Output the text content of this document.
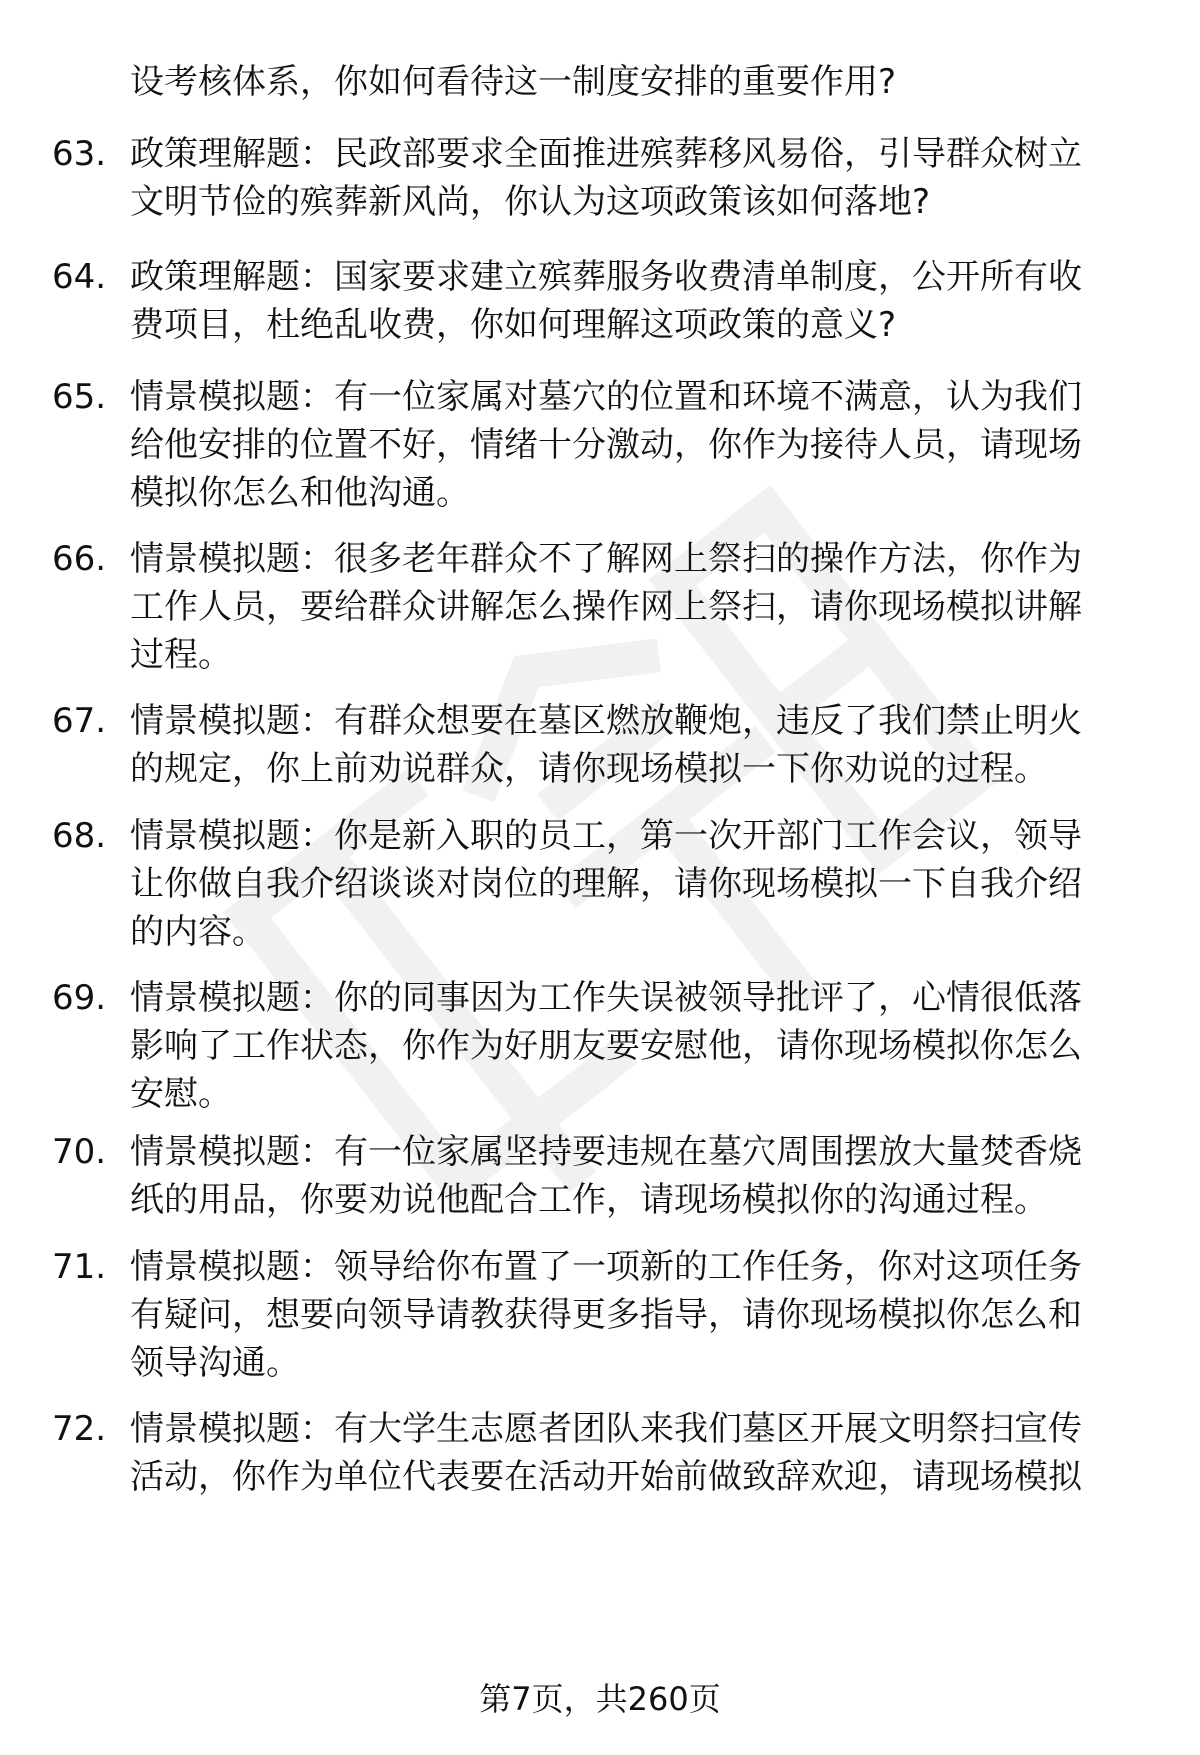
设考核体系，你如何看待这一制度安排的重要作用?

63. 政策理解题：民政部要求全面推进殡葬移风易俗，引导群众树立
文明节俭的殡葬新风尚，你认为这项政策该如何落地?
64. 政策理解题：国家要求建立殡葬服务收费清单制度，公开所有收
费项目，杜绝乱收费，你如何理解这项政策的意义?
65. 情景模拟题：有一位家属对墓穴的位置和环境不满意，认为我们
给他安排的位置不好，情绪十分激动，你作为接待人员，请现场
模拟你怎么和他沟通。
66. 情景模拟题：很多老年群众不了解网上祭扫的操作方法，你作为
工作人员，要给群众讲解怎么操作网上祭扫，请你现场模拟讲解
过程。
67. 情景模拟题：有群众想要在墓区燃放鞭炮，违反了我们禁止明火
的规定，你上前劝说群众，请你现场模拟一下你劝说的过程。
68. 情景模拟题：你是新入职的员工，第一次开部门工作会议，领导
让你做自我介绍谈谈对岗位的理解，请你现场模拟一下自我介绍
的内容。
69. 情景模拟题：你的同事因为工作失误被领导批评了，心情很低落
影响了工作状态，你作为好朋友要安慰他，请你现场模拟你怎么
安慰。
70. 情景模拟题：有一位家属坚持要违规在墓穴周围摆放大量焚香烧
纸的用品，你要劝说他配合工作，请现场模拟你的沟通过程。
71. 情景模拟题：领导给你布置了一项新的工作任务，你对这项任务
有疑问，想要向领导请教获得更多指导，请你现场模拟你怎么和
领导沟通。
72. 情景模拟题：有大学生志愿者团队来我们墓区开展文明祭扫宣传
活动，你作为单位代表要在活动开始前做致辞欢迎，请现场模拟
第7页，共260页
